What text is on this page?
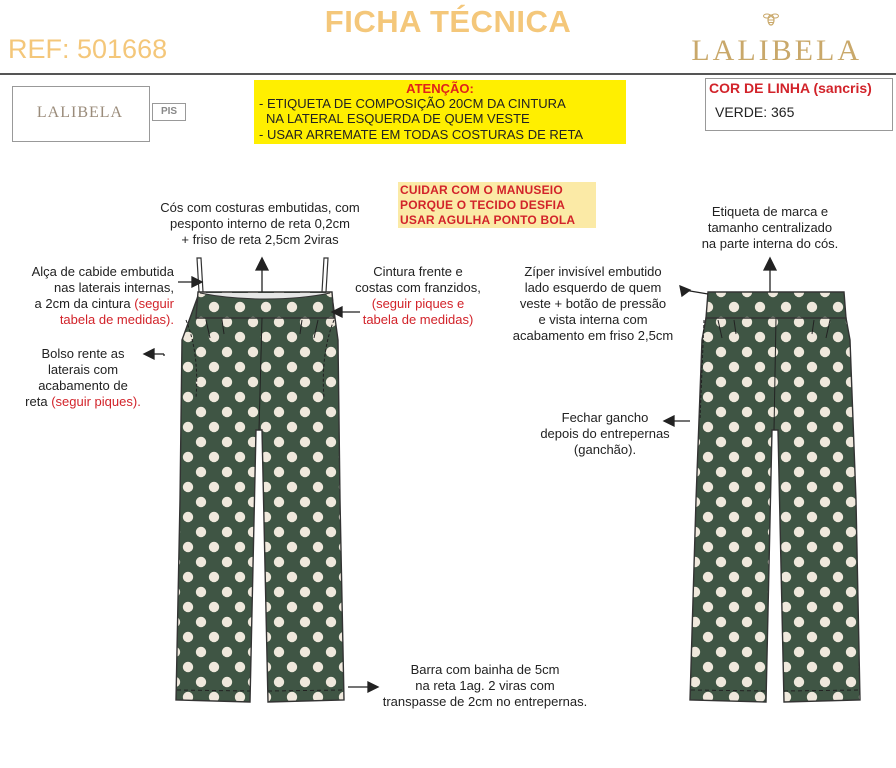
FICHA TÉCNICA
REF: 501668	LALIBELA
LALIBELA	PIS
ATENÇÃO:
- ETIQUETA DE COMPOSIÇÃO 20CM DA CINTURA
NA LATERAL ESQUERDA DE QUEM VESTE
- USAR ARREMATE EM TODAS COSTURAS DE RETA
COR DE LINHA (sancris)
VERDE: 365
CUIDAR COM O MANUSEIO
PORQUE O TECIDO DESFIA
USAR AGULHA PONTO BOLA
Cós com costuras embutidas, com
pesponto interno de reta 0,2cm
+ friso de reta 2,5cm 2viras
Alça de cabide embutida
nas laterais internas,
a 2cm da cintura (seguir
tabela de medidas).
Cintura frente e
costas com franzidos,
(seguir piques e
tabela de medidas)
Bolso rente as
laterais com
acabamento de
reta (seguir piques).
Barra com bainha de 5cm
na reta 1ag. 2 viras com
transpasse de 2cm no entrepernas.
Etiqueta de marca e
tamanho centralizado
na parte interna do cós.
Zíper invisível embutido
lado esquerdo de quem
veste + botão de pressão
e vista interna com
acabamento em friso 2,5cm
Fechar gancho
depois do entrepernas
(ganchão).
